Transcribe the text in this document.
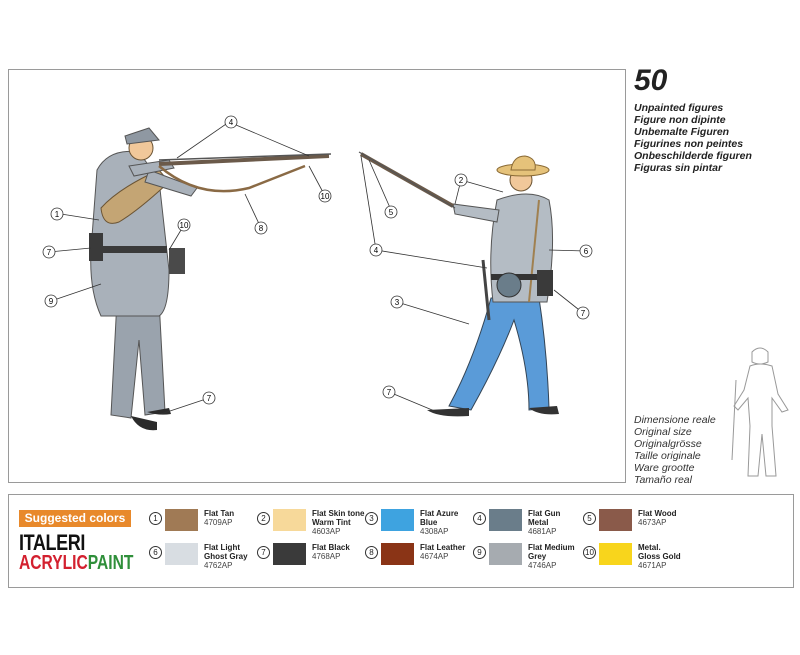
4
10
1
10
7
8
9
7
2
5
4	6
3
7
7
50
Unpainted figures
Figure non dipinte
Unbemalte Figuren
Figurines non peintes
Onbeschilderde figuren
Figuras sin pintar
Dimensione reale
Original size
Originalgrösse
Taille originale
Ware grootte
Tamaño real
Suggested colors
ITALERI
ACRYLICPAINT
1
Flat Tan
4709AP	2
Flat Skin tone
Warm Tint
4603AP
3
Flat Azure
Blue
4308AP
4
Flat Gun
Metal
4681AP
5
Flat Wood
4673AP
6
Flat Light
Ghost Gray
4762AP
7
Flat Black
4768AP	8
Flat Leather
4674AP	9
Flat Medium
Grey
4746AP
10
Metal.
Gloss Gold
4671AP
